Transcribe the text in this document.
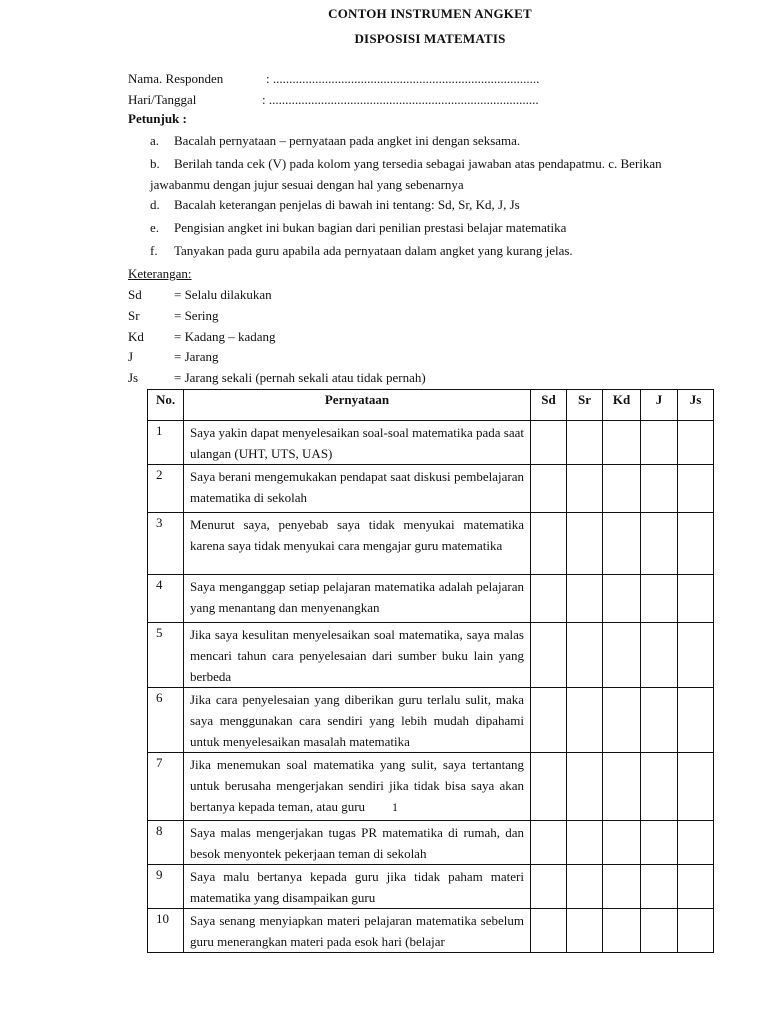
CONTOH INSTRUMEN ANGKET
DISPOSISI MATEMATIS
Nama. Responden	: ..................................................................................
Hari/Tanggal	: ...................................................................................
Petunjuk :
a. Bacalah pernyataan – pernyataan pada angket ini dengan seksama.
b. Berilah tanda cek (V) pada kolom yang tersedia sebagai jawaban atas pendapatmu. c. Berikan
jawabanmu dengan jujur sesuai dengan hal yang sebenarnya
d. Bacalah keterangan penjelas di bawah ini tentang: Sd, Sr, Kd, J, Js
e. Pengisian angket ini bukan bagian dari penilian prestasi belajar matematika
f. Tanyakan pada guru apabila ada pernyataan dalam angket yang kurang jelas.
Keterangan:
Sd = Selalu dilakukan
Sr	= Sering
Kd = Kadang – kadang
J	= Jarang
Js	= Jarang sekali (pernah sekali atau tidak pernah)
No.	Pernyataan	Sd	Sr	Kd	J	Js
1	Saya yakin dapat menyelesaikan soal-soal matematika pada saat ulangan (UHT, UTS, UAS)					
2	Saya berani mengemukakan pendapat saat diskusi pembelajaran matematika di sekolah					
3	Menurut saya, penyebab saya tidak menyukai matematika karena saya tidak menyukai cara mengajar guru matematika					
4	Saya menganggap setiap pelajaran matematika adalah pelajaran yang menantang dan menyenangkan					
5	Jika saya kesulitan menyelesaikan soal matematika, saya malas mencari tahun cara penyelesaian dari sumber buku lain yang berbeda					
6	Jika cara penyelesaian yang diberikan guru terlalu sulit, maka saya menggunakan cara sendiri yang lebih mudah dipahami untuk menyelesaikan masalah matematika					
7	Jika menemukan soal matematika yang sulit, saya tertantang untuk berusaha mengerjakan sendiri jika tidak bisa saya akan bertanya kepada teman, atau guru					
8	Saya malas mengerjakan tugas PR matematika di rumah, dan besok menyontek pekerjaan teman di sekolah					
9	Saya malu bertanya kepada guru jika tidak paham materi matematika yang disampaikan guru					
10	Saya senang menyiapkan materi pelajaran matematika sebelum guru menerangkan materi pada esok hari (belajar					
1
